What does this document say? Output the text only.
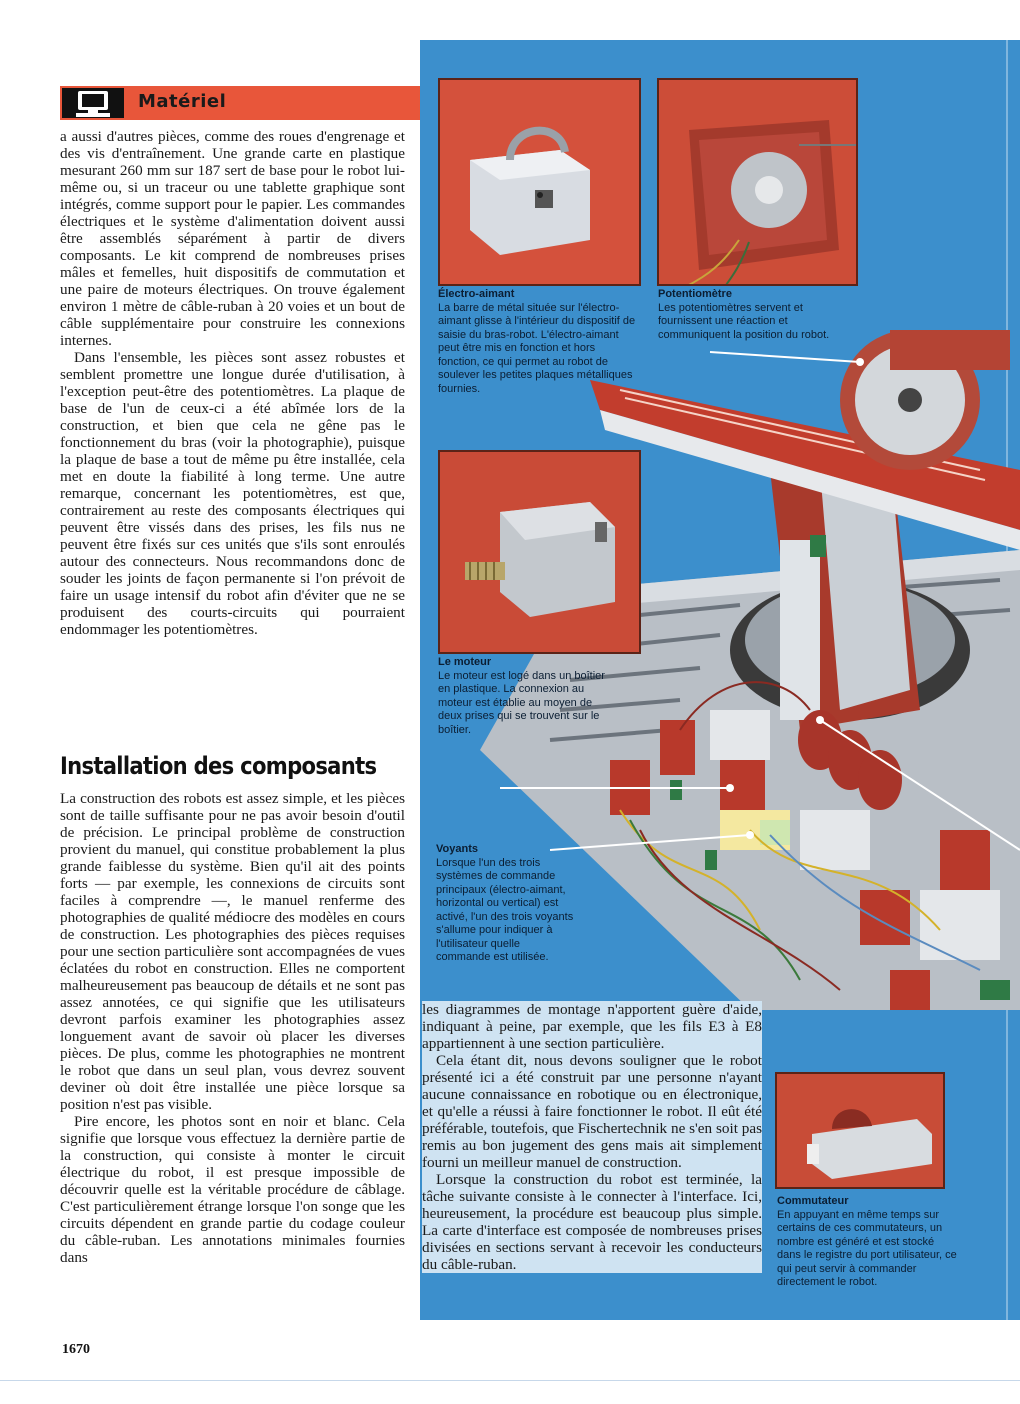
Matériel
Électro-aimant
La barre de métal située sur l'électro-aimant glisse à l'intérieur du dispositif de saisie du bras-robot. L'électro-aimant peut être mis en fonction et hors fonction, ce qui permet au robot de soulever les petites plaques métalliques fournies.
Potentiomètre
Les potentiomètres servent et fournissent une réaction et communiquent la position du robot.
Le moteur
Le moteur est logé dans un boîtier en plastique. La connexion au moteur est établie au moyen de deux prises qui se trouvent sur le boîtier.
Voyants
Lorsque l'un des trois systèmes de commande principaux (électro-aimant, horizontal ou vertical) est activé, l'un des trois voyants s'allume pour indiquer à l'utilisateur quelle commande est utilisée.
Commutateur
En appuyant en même temps sur certains de ces commutateurs, un nombre est généré et est stocké dans le registre du port utilisateur, ce qui peut servir à commander directement le robot.

a aussi d'autres pièces, comme des roues d'engrenage et des vis d'entraînement. Une grande carte en plastique mesurant 260 mm sur 187 sert de base pour le robot lui-même ou, si un traceur ou une tablette graphique sont intégrés, comme support pour le papier. Les commandes électriques et le système d'alimentation doivent aussi être assemblés séparément à partir de divers composants. Le kit comprend de nombreuses prises mâles et femelles, huit dispositifs de commutation et une paire de moteurs électriques. On trouve également environ 1 mètre de câble-ruban à 20 voies et un bout de câble supplémentaire pour construire les connexions internes.

Dans l'ensemble, les pièces sont assez robustes et semblent promettre une longue durée d'utilisation, à l'exception peut-être des potentiomètres. La plaque de base de l'un de ceux-ci a été abîmée lors de la construction, et bien que cela ne gêne pas le fonctionnement du bras (voir la photographie), puisque la plaque de base a tout de même pu être installée, cela met en doute la fiabilité à long terme. Une autre remarque, concernant les potentiomètres, est que, contrairement au reste des composants électriques qui peuvent être vissés dans des prises, les fils nus ne peuvent être fixés sur ces unités que s'ils sont enroulés autour des connecteurs. Nous recommandons donc de souder les joints de façon permanente si l'on prévoit de faire un usage intensif du robot afin d'éviter que ne se produisent des courts-circuits qui pourraient endommager les potentiomètres.

Installation des composants

La construction des robots est assez simple, et les pièces sont de taille suffisante pour ne pas avoir besoin d'outil de précision. Le principal problème de construction provient du manuel, qui constitue probablement la plus grande faiblesse du système. Bien qu'il ait des points forts — par exemple, les connexions de circuits sont faciles à comprendre —, le manuel renferme des photographies de qualité médiocre des modèles en cours de construction. Les photographies des pièces requises pour une section particulière sont accompagnées de vues éclatées du robot en construction. Elles ne comportent malheureusement pas beaucoup de détails et ne sont pas assez annotées, ce qui signifie que les utilisateurs devront parfois examiner les photographies assez longuement avant de savoir où placer les diverses pièces. De plus, comme les photographies ne montrent le robot que dans un seul plan, vous devrez souvent deviner où doit être installée une pièce lorsque sa position n'est pas visible.

Pire encore, les photos sont en noir et blanc. Cela signifie que lorsque vous effectuez la dernière partie de la construction, qui consiste à monter le circuit électrique du robot, il est presque impossible de découvrir quelle est la véritable procédure de câblage. C'est particulièrement étrange lorsque l'on songe que les circuits dépendent en grande partie du codage couleur du câble-ruban. Les annotations minimales fournies dans

les diagrammes de montage n'apportent guère d'aide, indiquant à peine, par exemple, que les fils E3 à E8 appartiennent à une section particulière.

Cela étant dit, nous devons souligner que le robot présenté ici a été construit par une personne n'ayant aucune connaissance en robotique ou en électronique, et qu'elle a réussi à faire fonctionner le robot. Il eût été préférable, toutefois, que Fischertechnik ne s'en soit pas remis au bon jugement des gens mais ait simplement fourni un meilleur manuel de construction.

Lorsque la construction du robot est terminée, la tâche suivante consiste à le connecter à l'interface. Ici, heureusement, la procédure est beaucoup plus simple. La carte d'interface est composée de nombreuses prises divisées en sections servant à recevoir les conducteurs du câble-ruban.

1670
